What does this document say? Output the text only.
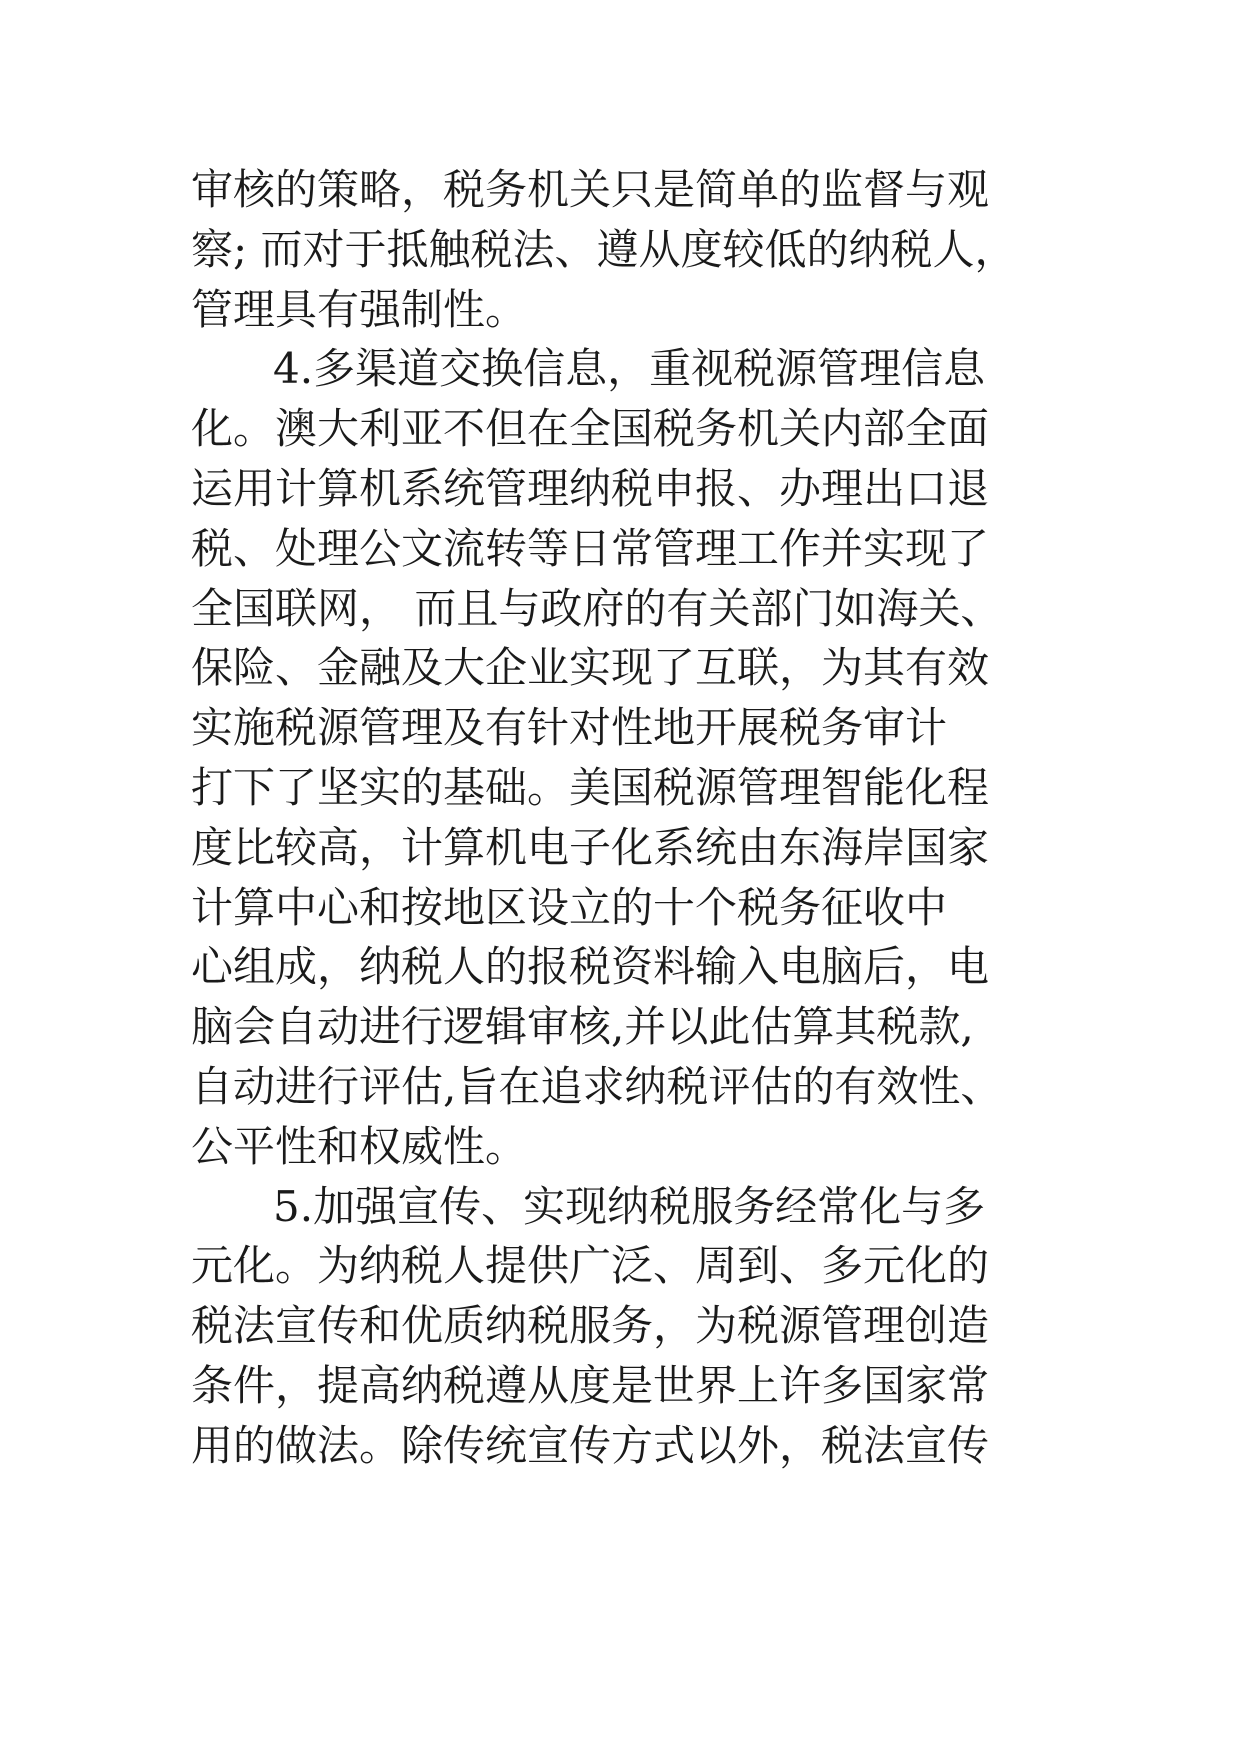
审核的策略，税务机关只是简单的监督与观
察; 而对于抵触税法、遵从度较低的纳税人，
管理具有强制性。
4.多渠道交换信息，重视税源管理信息
化。澳大利亚不但在全国税务机关内部全面
运用计算机系统管理纳税申报、办理出口退
税、处理公文流转等日常管理工作并实现了
全国联网， 而且与政府的有关部门如海关、
保险、金融及大企业实现了互联，为其有效
实施税源管理及有针对性地开展税务审计
打下了坚实的基础。美国税源管理智能化程
度比较高，计算机电子化系统由东海岸国家
计算中心和按地区设立的十个税务征收中
心组成，纳税人的报税资料输入电脑后，电
脑会自动进行逻辑审核,并以此估算其税款,
自动进行评估,旨在追求纳税评估的有效性、
公平性和权威性。
5.加强宣传、实现纳税服务经常化与多
元化。为纳税人提供广泛、周到、多元化的
税法宣传和优质纳税服务，为税源管理创造
条件，提高纳税遵从度是世界上许多国家常
用的做法。除传统宣传方式以外，税法宣传
